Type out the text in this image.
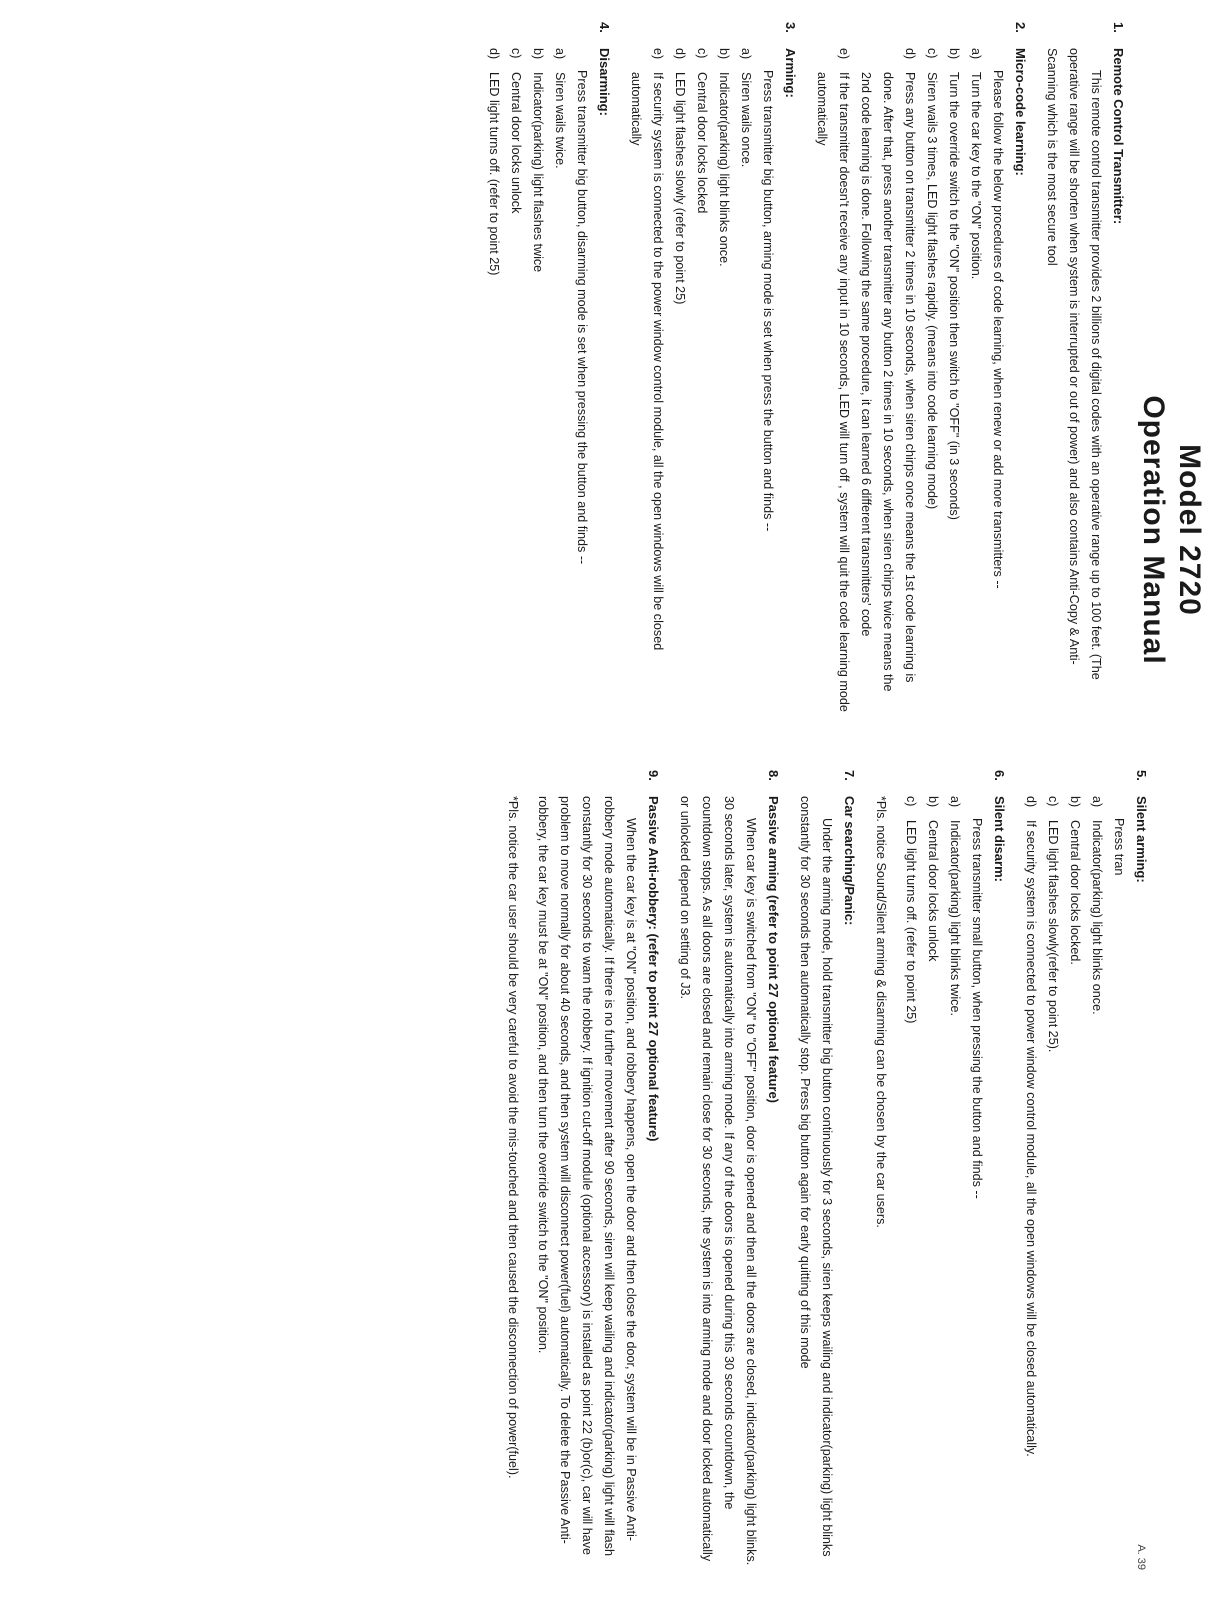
Model 2720
Operation Manual
1.
Remote Control Transmitter:
This remote control transmitter provides 2 billions of digital codes with an operative range up to 100 feet. (The operative range will be shorten when system is interrupted or out of power) and also contains Anti-Copy & Anti-Scanning which is the most secure tool
2.
Micro-code learning:
Please follow the below procedures of code learning, when renew or add more transmitters --
a)
Turn the car key to the "ON" position.
b)
Turn the override switch to the "ON" position then switch to "OFF" (in 3 seconds)
c)
Siren wails 3 times, LED light flashes rapidly. (means into code learning mode)
d)
Press any button on transmitter 2 times in 10 seconds, when siren chirps once means the 1st code learning is done. After that, press another transmitter any button 2 times in 10 seconds, when siren chirps twice means the 2nd code learning is done. Following the same procedure, it can learned 6 different transmitters' code
e)
If the transmitter doesn't receive any input in 10 seconds, LED will turn off , system will quit the code learning mode automatically
3.
Arming:
Press transmitter big button, arming mode is set when press the button and finds --
a)
Siren wails once.
b)
Indicator(parking) light blinks once.
c)
Central door locks locked
d)
LED light flashes slowly (refer to point 25)
e)
If security system is connected to the power window control module, all the open windows will be closed automatically
4.
Disarming:
Press transmitter big button, disarming mode is set when pressing the button and finds --
a)
Siren wails twice.
b)
Indicator(parking) light flashes twice
c)
Central door locks unlock
d)
LED light turns off. (refer to point 25)
A. 39
5.
Silent arming:
Press tran
a)
Indicator(parking) light blinks once.
b)
Central door locks locked.
c)
LED light flashes slowly(refer to point 25).
d)
If security system is connected to power window control module, all the open windows will be closed automatically.
6.
Silent disarm:
Press transmitter small button, when pressing the button and finds --
a)
Indicator(parking) light blinks twice.
b)
Central door locks unlock
c)
LED light turns off. (refer to point 25)
*Pls. notice Sound/Silent arming & disarming can be chosen by the car users.
7.
Car searching/Panic:
Under the arming mode, hold transmitter big button continuously for 3 seconds, siren keeps wailing and indicator(parking) light blinks constantly for 30 seconds then automatically stop. Press big button again for early quitting of this mode
8.
Passive arming (refer to point 27 optional feature)
When car key is switched from "ON" to "OFF" position, door is opened and then all the doors are closed, indicator(parking) light blinks. 30 seconds later, system is automatically into arming mode. If any of the doors is opened during this 30 seconds countdown, the countdown stops. As all doors are closed and remain close for 30 seconds, the system is into arming mode and door locked automatically or unlocked depend on setting of J3.
9.
Passive Anti-robbery: (refer to point 27 optional feature)
When the car key is at "ON" position, and robbery happens, open the door and then close the door, system will be in Passive Anti-robbery mode automatically. If there is no further movement after 90 seconds, siren will keep wailing and indicator(parking) light will flash constantly for 30 seconds to warn the robbery. If ignition cut-off module (optional accessory) is installed as point 22 (b)or(c), car will have problem to move normally for about 40 seconds, and then system will disconnect power(fuel) automatically. To delete the Passive Anti-robbery, the car key must be at "ON" position, and then turn the override switch to the "ON" position.
*Pls. notice the car user should be very careful to avoid the mis-touched and then caused the disconnection of power(fuel).
